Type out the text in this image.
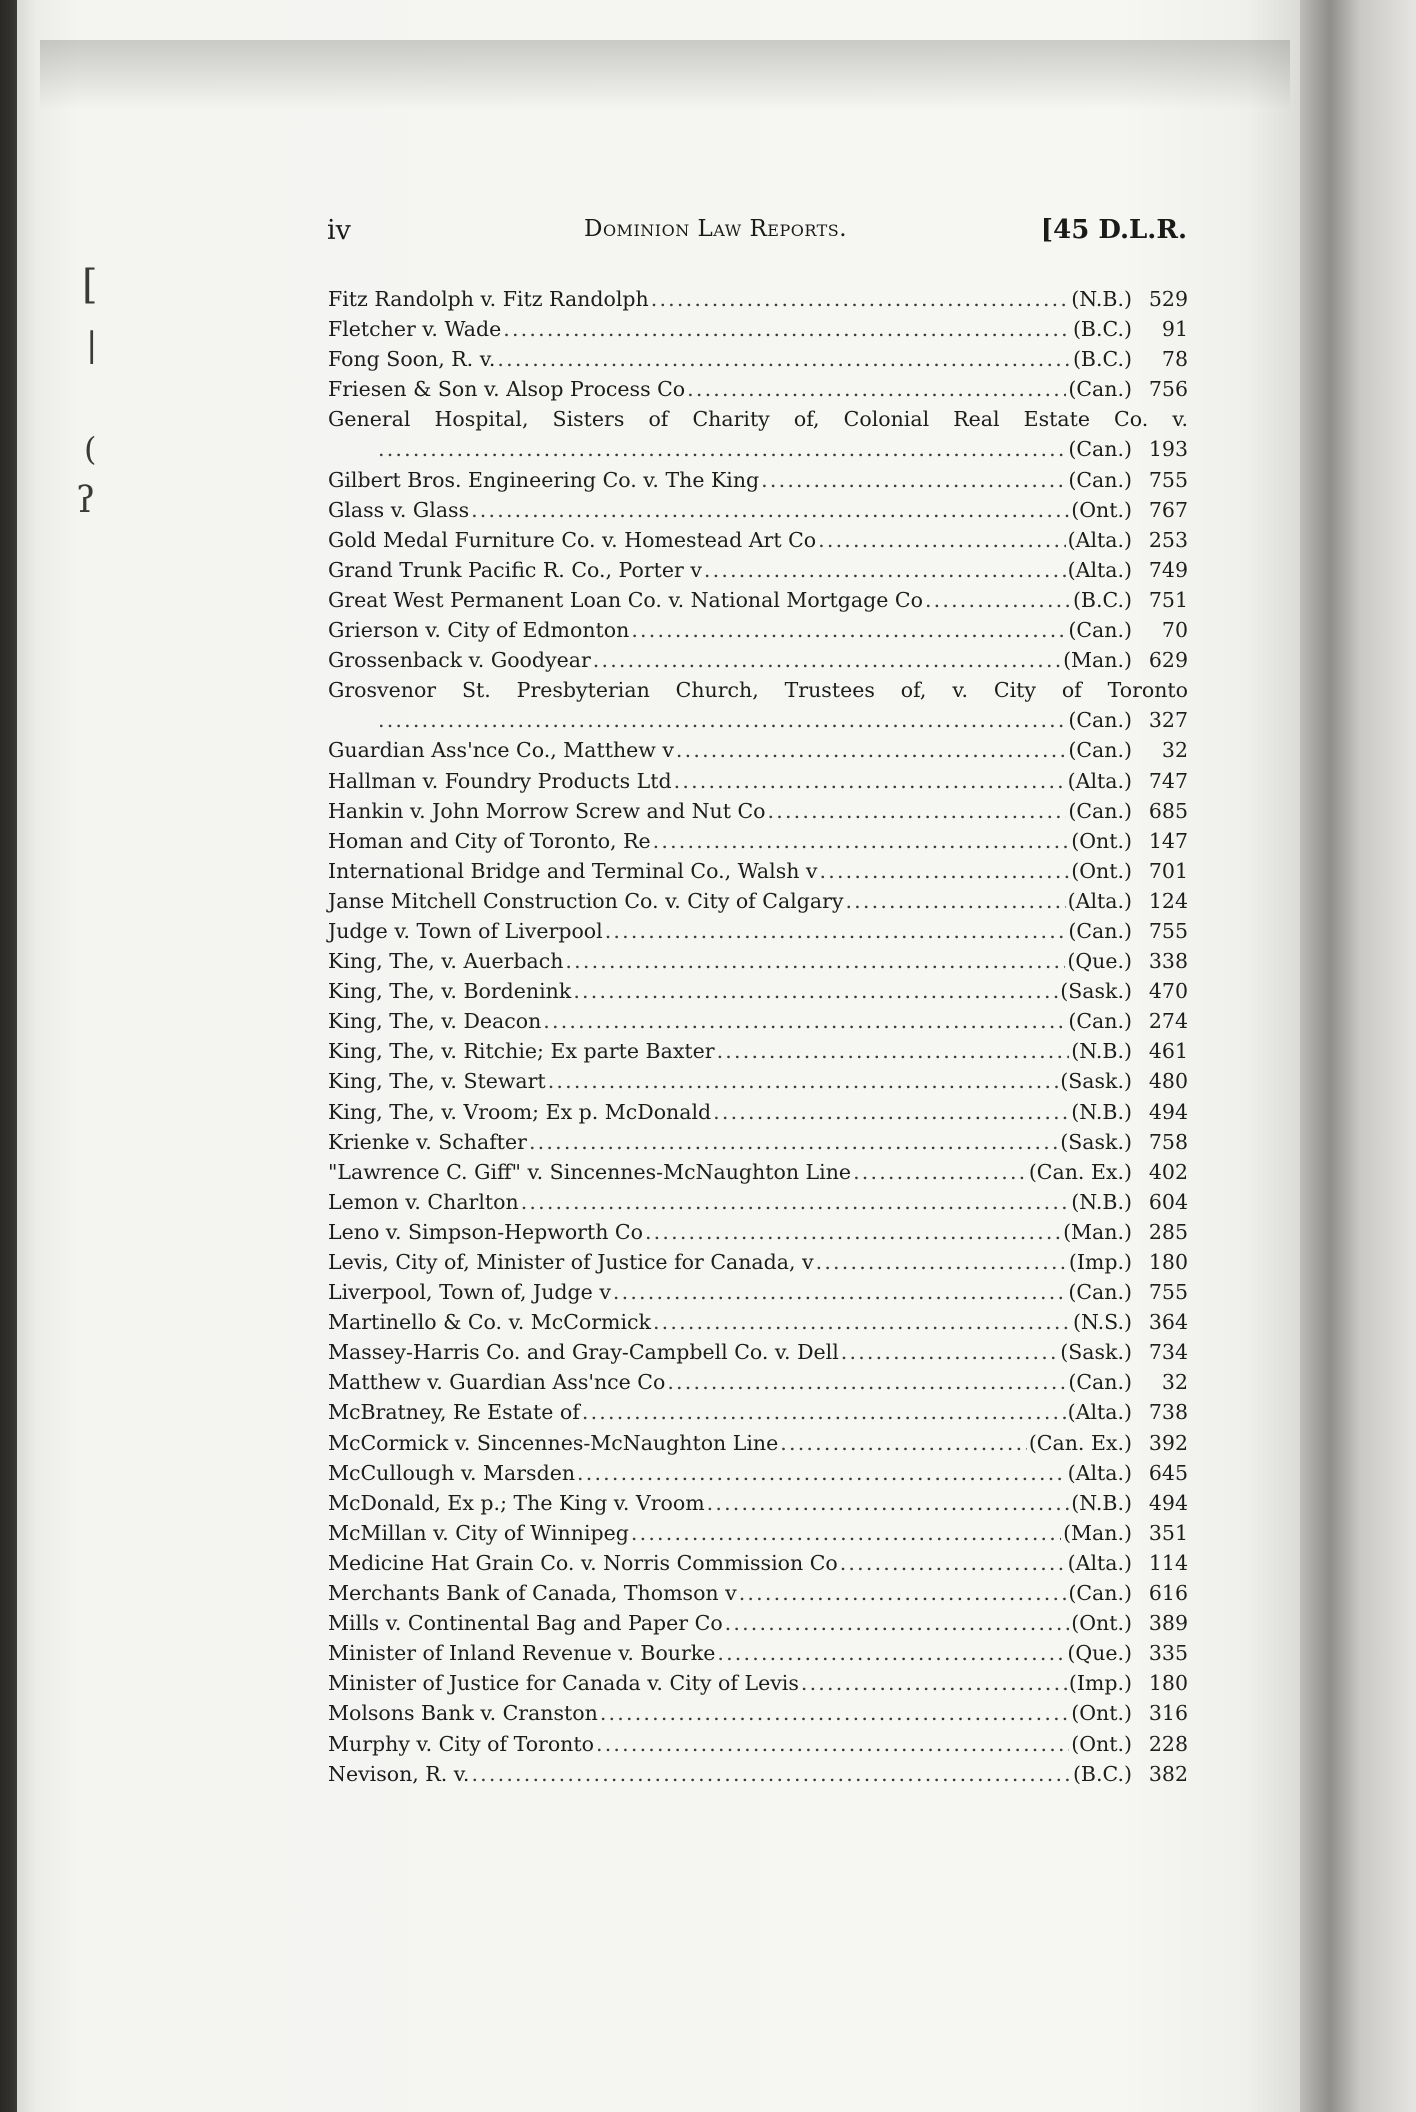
[
|
(
ʔ
iv	Dominion Law Reports.	[45 D.L.R.
Fitz Randolph v. Fitz Randolph .....	(N.B.) 529
Fletcher v. Wade .....	(B.C.)	91
Fong Soon, R. v. .....	(B.C.)	78
Friesen & Son v. Alsop Process Co .....	(Can.) 756
General Hospital, Sisters of Charity of, Colonial Real Estate Co. v.
.....
(Can.) 193
Gilbert Bros. Engineering Co. v. The King .....	(Can.) 755
Glass v. Glass .....	(Ont.) 767
Gold Medal Furniture Co. v. Homestead Art Co .....	(Alta.) 253
Grand Trunk Pacific R. Co., Porter v .....	(Alta.) 749
Great West Permanent Loan Co. v. National Mortgage Co .....	(B.C.) 751
Grierson v. City of Edmonton .....	(Can.)	70
Grossenback v. Goodyear .....	(Man.) 629
Grosvenor St. Presbyterian Church, Trustees of, v. City of Toronto
.....
(Can.) 327
Guardian Ass'nce Co., Matthew v .....	(Can.)	32
Hallman v. Foundry Products Ltd .....	(Alta.) 747
Hankin v. John Morrow Screw and Nut Co .....	(Can.) 685
Homan and City of Toronto, Re .....	(Ont.) 147
International Bridge and Terminal Co., Walsh v .....	(Ont.) 701
Janse Mitchell Construction Co. v. City of Calgary .....	(Alta.) 124
Judge v. Town of Liverpool .....	(Can.) 755
King, The, v. Auerbach .....	(Que.) 338
King, The, v. Bordenink .....	(Sask.) 470
King, The, v. Deacon .....	(Can.) 274
King, The, v. Ritchie; Ex parte Baxter .....	(N.B.) 461
King, The, v. Stewart .....	(Sask.) 480
King, The, v. Vroom; Ex p. McDonald .....	(N.B.) 494
Krienke v. Schafter .....	(Sask.) 758
"Lawrence C. Giff" v. Sincennes-McNaughton Line .....	(Can. Ex.) 402
Lemon v. Charlton .....	(N.B.) 604
Leno v. Simpson-Hepworth Co .....	(Man.) 285
Levis, City of, Minister of Justice for Canada, v .....	(Imp.) 180
Liverpool, Town of, Judge v .....	(Can.) 755
Martinello & Co. v. McCormick .....	(N.S.) 364
Massey-Harris Co. and Gray-Campbell Co. v. Dell .....	(Sask.) 734
Matthew v. Guardian Ass'nce Co .....	(Can.)	32
McBratney, Re Estate of .....	(Alta.) 738
McCormick v. Sincennes-McNaughton Line .....	(Can. Ex.) 392
McCullough v. Marsden .....	(Alta.) 645
McDonald, Ex p.; The King v. Vroom .....	(N.B.) 494
McMillan v. City of Winnipeg .....	(Man.) 351
Medicine Hat Grain Co. v. Norris Commission Co .....	(Alta.) 114
Merchants Bank of Canada, Thomson v .....	(Can.) 616
Mills v. Continental Bag and Paper Co .....	(Ont.) 389
Minister of Inland Revenue v. Bourke .....	(Que.) 335
Minister of Justice for Canada v. City of Levis .....	(Imp.) 180
Molsons Bank v. Cranston .....	(Ont.) 316
Murphy v. City of Toronto .....	(Ont.) 228
Nevison, R. v. .....	(B.C.) 382
